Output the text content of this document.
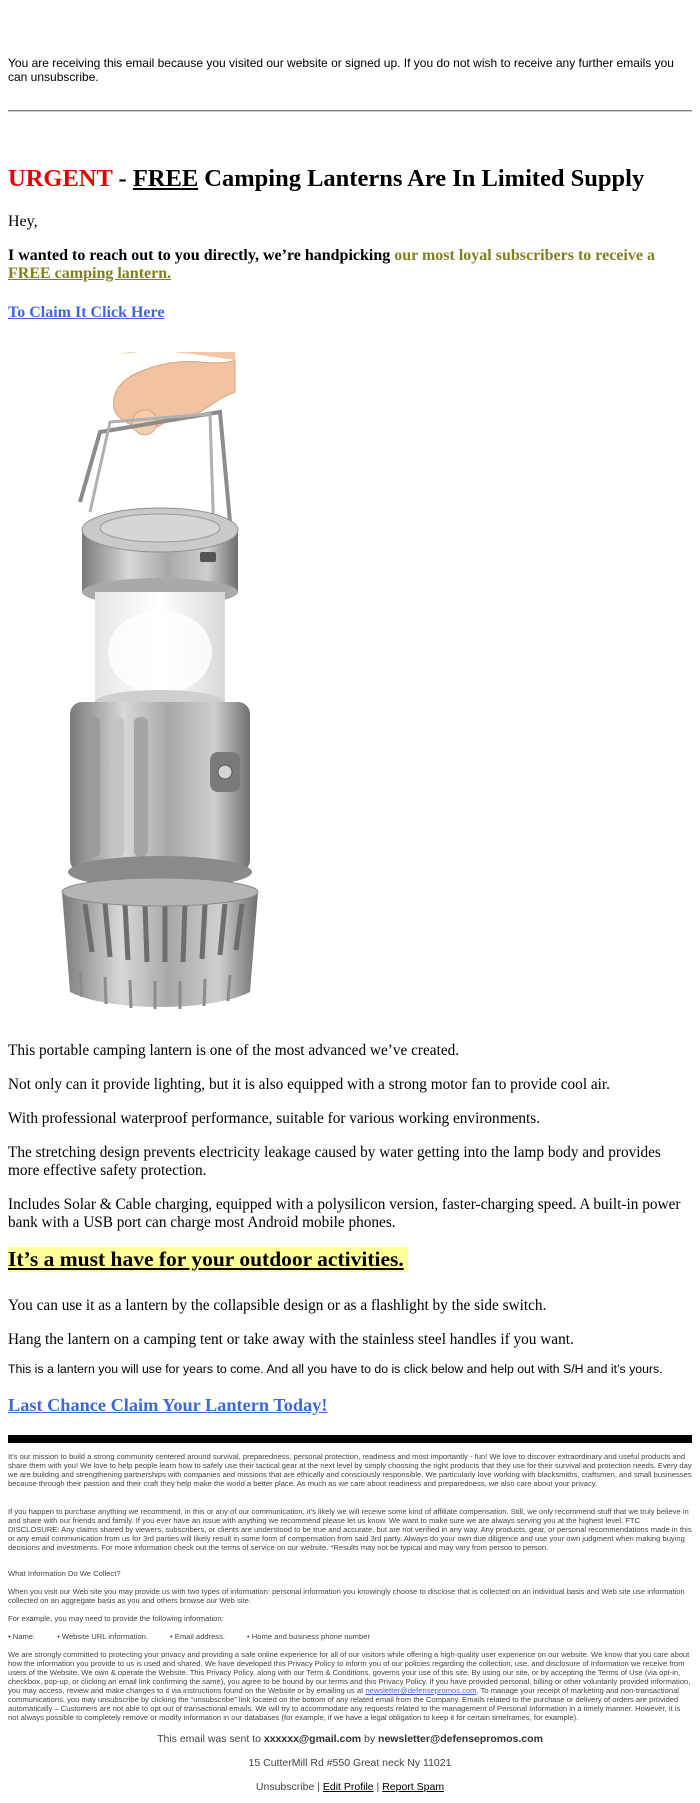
You are receiving this email because you visited our website or signed up. If you do not wish to receive any further emails you can unsubscribe.
URGENT - FREE Camping Lanterns Are In Limited Supply
Hey,
I wanted to reach out to you directly, we’re handpicking our most loyal subscribers to receive a FREE camping lantern.
To Claim It Click Here
This portable camping lantern is one of the most advanced we’ve created.
Not only can it provide lighting, but it is also equipped with a strong motor fan to provide cool air.
With professional waterproof performance, suitable for various working environments.
The stretching design prevents electricity leakage caused by water getting into the lamp body and provides more effective safety protection.
Includes Solar & Cable charging, equipped with a polysilicon version, faster-charging speed. A built-in power bank with a USB port can charge most Android mobile phones.
It’s a must have for your outdoor activities.
You can use it as a lantern by the collapsible design or as a flashlight by the side switch.
Hang the lantern on a camping tent or take away with the stainless steel handles if you want.
This is a lantern you will use for years to come. And all you have to do is click below and help out with S/H and it’s yours.
Last Chance Claim Your Lantern Today!
It's our mission to build a strong community centered around survival, preparedness, personal protection, readiness and most importantly - fun! We love to discover extraordinary and useful products and share them with you! We love to help people learn how to safely use their tactical gear at the next level by simply choosing the right products that they use for their survival and protection needs. Every day we are building and strengthening partnerships with companies and missions that are ethically and consciously responsible. We particularly love working with blacksmiths, craftsmen, and small businesses because through their passion and their craft they help make the world a better place. As much as we care about readiness and preparedness, we also care about your privacy.
If you happen to purchase anything we recommend, in this or any of our communication, it's likely we will receive some kind of affiliate compensation. Still, we only recommend stuff that we truly believe in and share with our friends and family. If you ever have an issue with anything we recommend please let us know. We want to make sure we are always serving you at the highest level. FTC DISCLOSURE: Any claims shared by viewers, subscribers, or clients are understood to be true and accurate, but are not verified in any way. Any products, gear, or personal recommendations made in this or any email communication from us for 3rd parties will likely result in some form of compensation from said 3rd party. Always do your own due diligence and use your own judgment when making buying decisions and investments. For more information check out the terms of service on our website. *Results may not be typical and may vary from person to person.
What Information Do We Collect?
When you visit our Web site you may provide us with two types of information: personal information you knowingly choose to disclose that is collected on an individual basis and Web site use information collected on an aggregate basis as you and others browse our Web site.
For example, you may need to provide the following information:
• Name.	• Website URL information.	• Email address.	• Home and business phone number
We are strongly committed to protecting your privacy and providing a safe online experience for all of our visitors while offering a high-quality user experience on our website. We know that you care about how the information you provide to us is used and shared. We have developed this Privacy Policy to inform you of our policies regarding the collection, use, and disclosure of Information we receive from users of the Website. We own & operate the Website. This Privacy Policy, along with our Term & Conditions, governs your use of this site. By using our site, or by accepting the Terms of Use (via opt-in, checkbox, pop-up, or clicking an email link confirming the same), you agree to be bound by our terms and this Privacy Policy. If you have provided personal, billing or other voluntarily provided information, you may access, review and make changes to it via instructions found on the Website or by emailing us at newsletter@defensepromos.com. To manage your receipt of marketing and non-transactional communications, you may unsubscribe by clicking the “unsubscribe” link located on the bottom of any related email from the Company. Emails related to the purchase or delivery of orders are provided automatically – Customers are not able to opt out of transactional emails. We will try to accommodate any requests related to the management of Personal Information in a timely manner. However, it is not always possible to completely remove or modify information in our databases (for example, if we have a legal obligation to keep it for certain timeframes, for example).
This email was sent to xxxxxx@gmail.com by newsletter@defensepromos.com
15 CutterMill Rd #550 Great neck Ny 11021
Unsubscribe | Edit Profile | Report Spam
